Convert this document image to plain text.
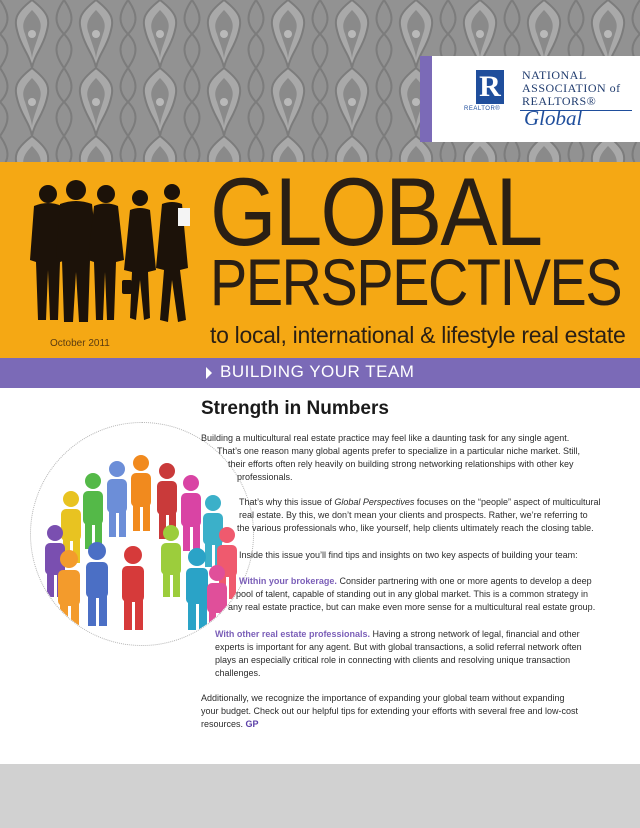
R
REALTOR®
NATIONAL
ASSOCIATION of
REALTORS®
Global
GLOBAL
PERSPECTIVES
to local, international & lifestyle real estate
October 2011
BUILDING YOUR TEAM
Strength in Numbers
Building a multicultural real estate practice may feel like a daunting task for any single agent.
That’s one reason many global agents prefer to specialize in a particular niche market. Still,
their efforts often rely heavily on building strong networking relationships with other key
professionals.
That’s why this issue of Global Perspectives focuses on the “people” aspect of multicultural
real estate. By this, we don’t mean your clients and prospects. Rather, we’re referring to
the various professionals who, like yourself, help clients ultimately reach the closing table.
Inside this issue you’ll find tips and insights on two key aspects of building your team:
Within your brokerage. Consider partnering with one or more agents to develop a deep
pool of talent, capable of standing out in any global market. This is a common strategy in
any real estate practice, but can make even more sense for a multicultural real estate group.
With other real estate professionals. Having a strong network of legal, financial and other
experts is important for any agent. But with global transactions, a solid referral network often
plays an especially critical role in connecting with clients and resolving unique transaction
challenges.
Additionally, we recognize the importance of expanding your global team without expanding
your budget. Check out our helpful tips for extending your efforts with several free and low-cost
resources. GP
